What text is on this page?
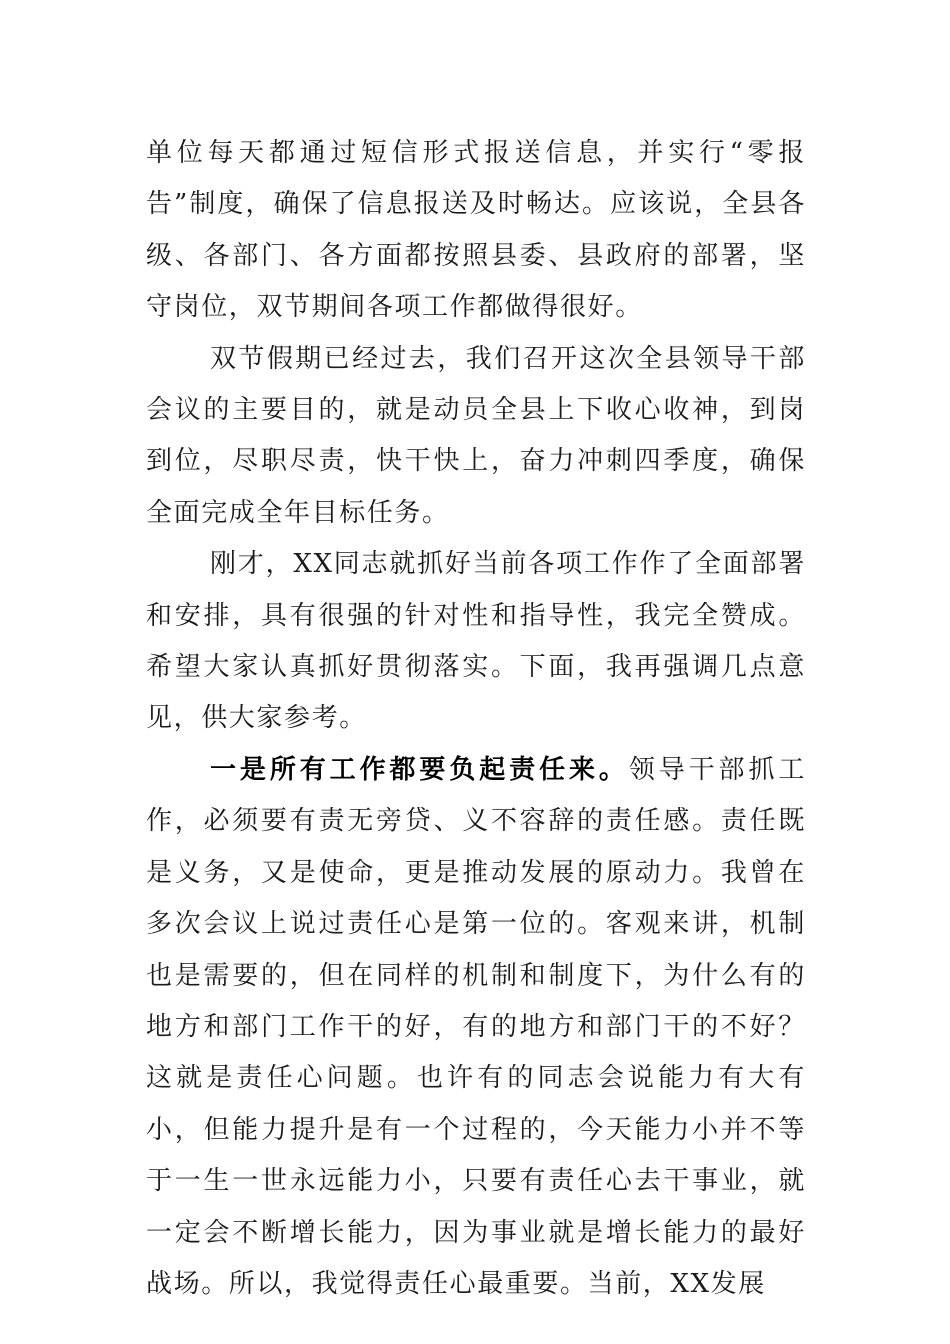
单位每天都通过短信形式报送信息，并实行“零报告”制度，确保了信息报送及时畅达。应该说，全县各级、各部门、各方面都按照县委、县政府的部署，坚守岗位，双节期间各项工作都做得很好。

双节假期已经过去，我们召开这次全县领导干部会议的主要目的，就是动员全县上下收心收神，到岗到位，尽职尽责，快干快上，奋力冲刺四季度，确保全面完成全年目标任务。

刚才，XX同志就抓好当前各项工作作了全面部署和安排，具有很强的针对性和指导性，我完全赞成。希望大家认真抓好贯彻落实。下面，我再强调几点意见，供大家参考。

一是所有工作都要负起责任来。领导干部抓工作，必须要有责无旁贷、义不容辞的责任感。责任既是义务，又是使命，更是推动发展的原动力。我曾在多次会议上说过责任心是第一位的。客观来讲，机制也是需要的，但在同样的机制和制度下，为什么有的地方和部门工作干的好，有的地方和部门干的不好？这就是责任心问题。也许有的同志会说能力有大有小，但能力提升是有一个过程的，今天能力小并不等于一生一世永远能力小，只要有责任心去干事业，就一定会不断增长能力，因为事业就是增长能力的最好战场。所以，我觉得责任心最重要。当前，XX发展
